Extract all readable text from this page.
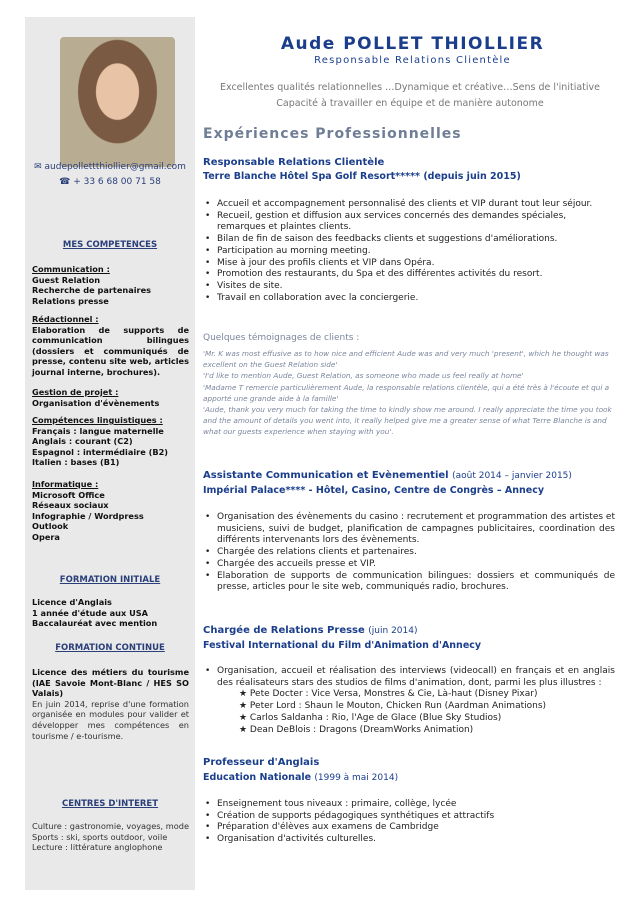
✉ audepollettthiollier@gmail.com
☎ + 33 6 68 00 71 58
MES COMPETENCES
Communication :
Guest Relation
Recherche de partenaires
Relations presse
Rédactionnel :
Elaboration de supports de communication bilingues (dossiers et communiqués de presse, contenu site web, articles journal interne, brochures).
Gestion de projet :
Organisation d'évènements
Compétences linguistiques :
Français : langue maternelle
Anglais : courant (C2)
Espagnol : intermédiaire (B2)
Italien : bases (B1)
Informatique :
Microsoft Office
Réseaux sociaux
Infographie / Wordpress
Outlook
Opera
FORMATION INITIALE
Licence d'Anglais
1 année d'étude aux USA
Baccalauréat avec mention
FORMATION CONTINUE
Licence des métiers du tourisme (IAE Savoie Mont-Blanc / HES SO Valais)
En juin 2014, reprise d'une formation organisée en modules pour valider et développer mes compétences en tourisme / e-tourisme.
CENTRES D'INTERET
Culture : gastronomie, voyages, mode
Sports : ski, sports outdoor, voile
Lecture : littérature anglophone
Aude POLLET THIOLLIER
Responsable Relations Clientèle
Excellentes qualités relationnelles …Dynamique et créative…Sens de l'initiative
Capacité à travailler en équipe et de manière autonome
Expériences Professionnelles
Responsable Relations Clientèle
Terre Blanche Hôtel Spa Golf Resort***** (depuis juin 2015)
• Accueil et accompagnement personnalisé des clients et VIP durant tout leur séjour.
• Recueil, gestion et diffusion aux services concernés des demandes spéciales, remarques et plaintes clients.
• Bilan de fin de saison des feedbacks clients et suggestions d'améliorations.
• Participation au morning meeting.
• Mise à jour des profils clients et VIP dans Opéra.
• Promotion des restaurants, du Spa et des différentes activités du resort.
• Visites de site.
• Travail en collaboration avec la conciergerie.
Quelques témoignages de clients :
'Mr. K was most effusive as to how nice and efficient Aude was and very much 'present', which he thought was excellent on the Guest Relation side'
'I'd like to mention Aude, Guest Relation, as someone who made us feel really at home'
'Madame T remercie particulièrement Aude, la responsable relations clientèle, qui a été très à l'écoute et qui a apporté une grande aide à la famille'
'Aude, thank you very much for taking the time to kindly show me around. I really appreciate the time you took and the amount of details you went into, it really helped give me a greater sense of what Terre Blanche is and what our guests experience when staying with you'.
Assistante Communication et Evènementiel (août 2014 – janvier 2015)
Impérial Palace**** - Hôtel, Casino, Centre de Congrès – Annecy
• Organisation des évènements du casino : recrutement et programmation des artistes et musiciens, suivi de budget, planification de campagnes publicitaires, coordination des différents intervenants lors des évènements.
• Chargée des relations clients et partenaires.
• Chargée des accueils presse et VIP.
• Elaboration de supports de communication bilingues: dossiers et communiqués de presse, articles pour le site web, communiqués radio, brochures.
Chargée de Relations Presse (juin 2014)
Festival International du Film d'Animation d'Annecy
• Organisation, accueil et réalisation des interviews (videocall) en français et en anglais des réalisateurs stars des studios de films d'animation, dont, parmi les plus illustres :
★ Pete Docter : Vice Versa, Monstres & Cie, Là-haut (Disney Pixar)
★ Peter Lord : Shaun le Mouton, Chicken Run (Aardman Animations)
★ Carlos Saldanha : Rio, l'Age de Glace (Blue Sky Studios)
★ Dean DeBlois : Dragons (DreamWorks Animation)
Professeur d'Anglais
Education Nationale (1999 à mai 2014)
• Enseignement tous niveaux : primaire, collège, lycée
• Création de supports pédagogiques synthétiques et attractifs
• Préparation d'élèves aux examens de Cambridge
• Organisation d'activités culturelles.
